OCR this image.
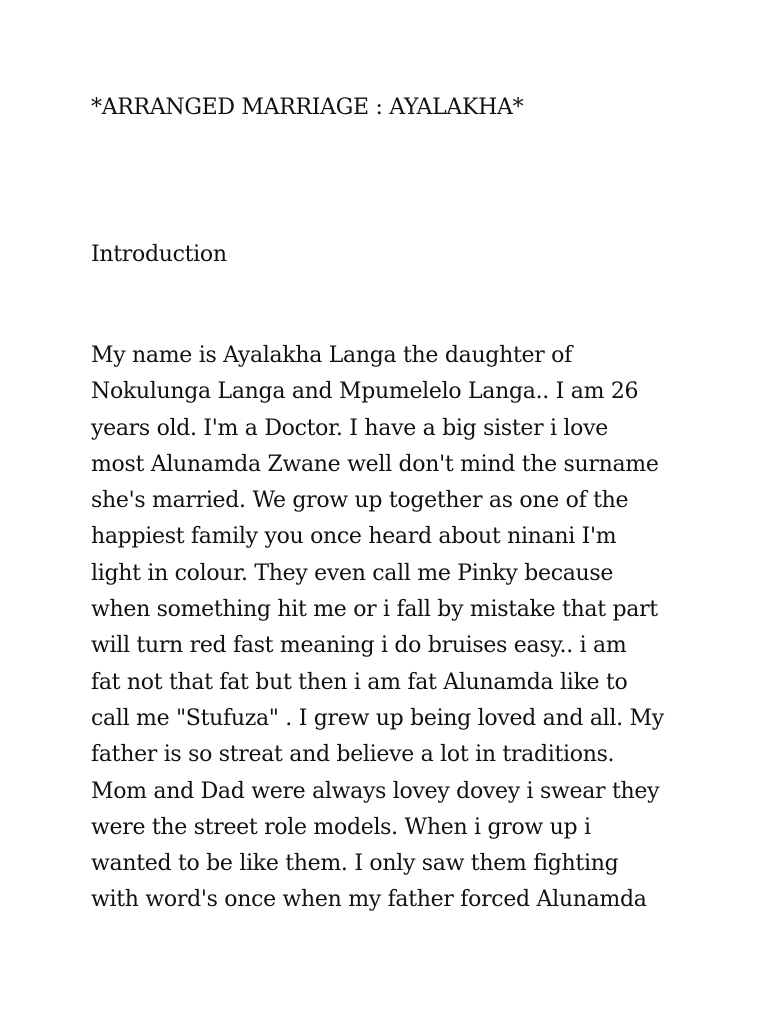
*ARRANGED MARRIAGE : AYALAKHA*
Introduction
My name is Ayalakha Langa the daughter of
Nokulunga Langa and Mpumelelo Langa.. I am 26
years old. I'm a Doctor. I have a big sister i love
most Alunamda Zwane well don't mind the surname
she's married. We grow up together as one of the
happiest family you once heard about ninani I'm
light in colour. They even call me Pinky because
when something hit me or i fall by mistake that part
will turn red fast meaning i do bruises easy.. i am
fat not that fat but then i am fat Alunamda like to
call me "Stufuza" . I grew up being loved and all. My
father is so streat and believe a lot in traditions.
Mom and Dad were always lovey dovey i swear they
were the street role models. When i grow up i
wanted to be like them. I only saw them fighting
with word's once when my father forced Alunamda
